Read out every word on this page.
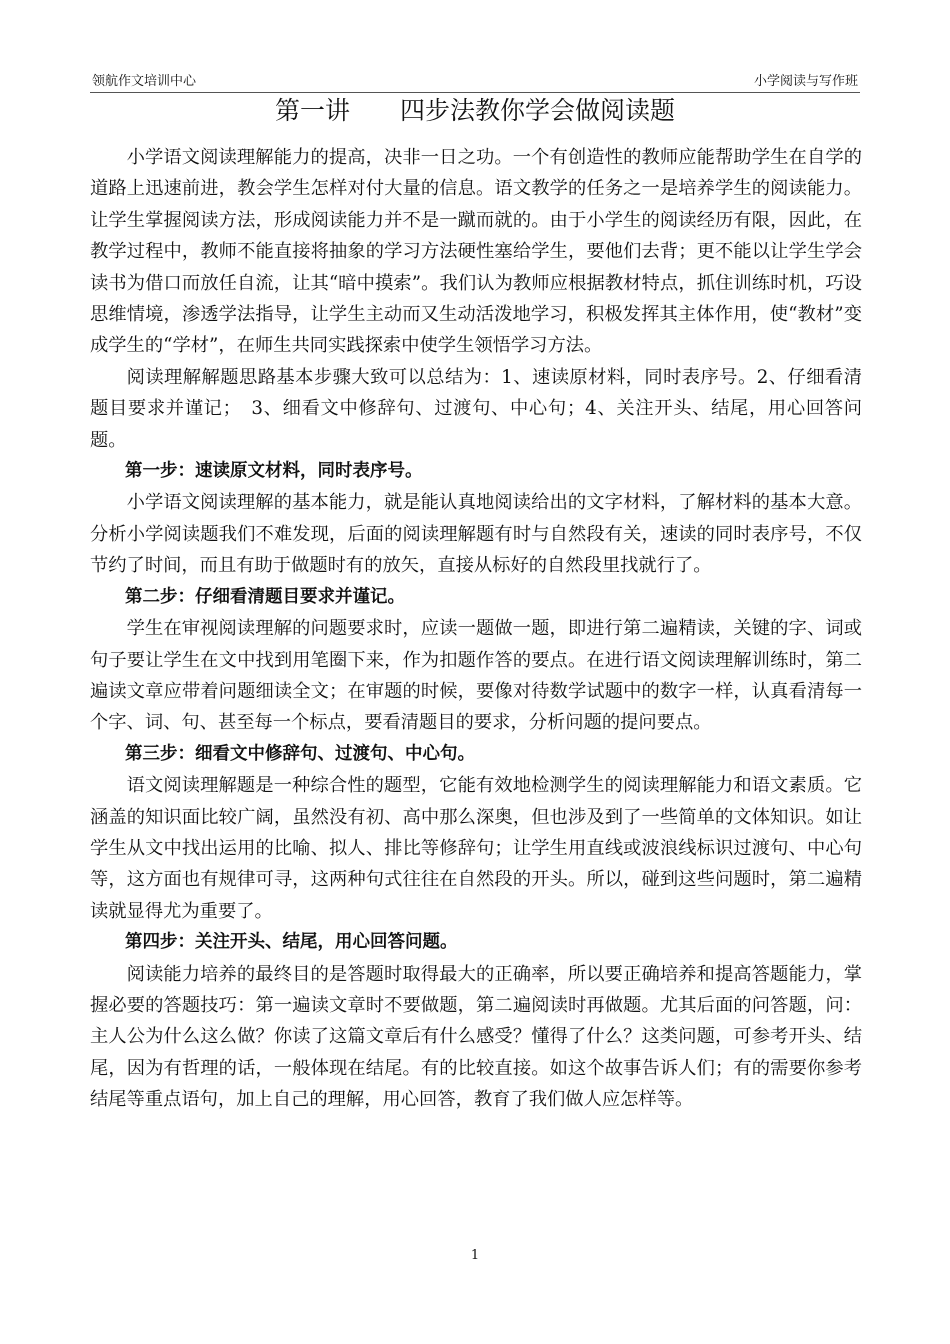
领航作文培训中心	小学阅读与写作班
第一讲　　四步法教你学会做阅读题

小学语文阅读理解能力的提高，决非一日之功。一个有创造性的教师应能帮助学生在自学的道路上迅速前进，教会学生怎样对付大量的信息。语文教学的任务之一是培养学生的阅读能力。让学生掌握阅读方法，形成阅读能力并不是一蹴而就的。由于小学生的阅读经历有限，因此，在教学过程中，教师不能直接将抽象的学习方法硬性塞给学生，要他们去背；更不能以让学生学会读书为借口而放任自流，让其“暗中摸索”。我们认为教师应根据教材特点，抓住训练时机，巧设思维情境，渗透学法指导，让学生主动而又生动活泼地学习，积极发挥其主体作用，使“教材”变成学生的“学材”，在师生共同实践探索中使学生领悟学习方法。

阅读理解解题思路基本步骤大致可以总结为：1、速读原材料，同时表序号。2、仔细看清题目要求并谨记；　3、细看文中修辞句、过渡句、中心句；4、关注开头、结尾，用心回答问题。

第一步：速读原文材料，同时表序号。

小学语文阅读理解的基本能力，就是能认真地阅读给出的文字材料，了解材料的基本大意。分析小学阅读题我们不难发现，后面的阅读理解题有时与自然段有关，速读的同时表序号，不仅节约了时间，而且有助于做题时有的放矢，直接从标好的自然段里找就行了。

第二步：仔细看清题目要求并谨记。

学生在审视阅读理解的问题要求时，应读一题做一题，即进行第二遍精读，关键的字、词或句子要让学生在文中找到用笔圈下来，作为扣题作答的要点。在进行语文阅读理解训练时，第二遍读文章应带着问题细读全文；在审题的时候，要像对待数学试题中的数字一样，认真看清每一个字、词、句、甚至每一个标点，要看清题目的要求，分析问题的提问要点。

第三步：细看文中修辞句、过渡句、中心句。

语文阅读理解题是一种综合性的题型，它能有效地检测学生的阅读理解能力和语文素质。它涵盖的知识面比较广阔，虽然没有初、高中那么深奥，但也涉及到了一些简单的文体知识。如让学生从文中找出运用的比喻、拟人、排比等修辞句；让学生用直线或波浪线标识过渡句、中心句等，这方面也有规律可寻，这两种句式往往在自然段的开头。所以，碰到这些问题时，第二遍精读就显得尤为重要了。

第四步：关注开头、结尾，用心回答问题。

阅读能力培养的最终目的是答题时取得最大的正确率，所以要正确培养和提高答题能力，掌握必要的答题技巧：第一遍读文章时不要做题，第二遍阅读时再做题。尤其后面的问答题，问：主人公为什么这么做？你读了这篇文章后有什么感受？懂得了什么？这类问题，可参考开头、结尾，因为有哲理的话，一般体现在结尾。有的比较直接。如这个故事告诉人们；有的需要你参考结尾等重点语句，加上自己的理解，用心回答，教育了我们做人应怎样等。

1
